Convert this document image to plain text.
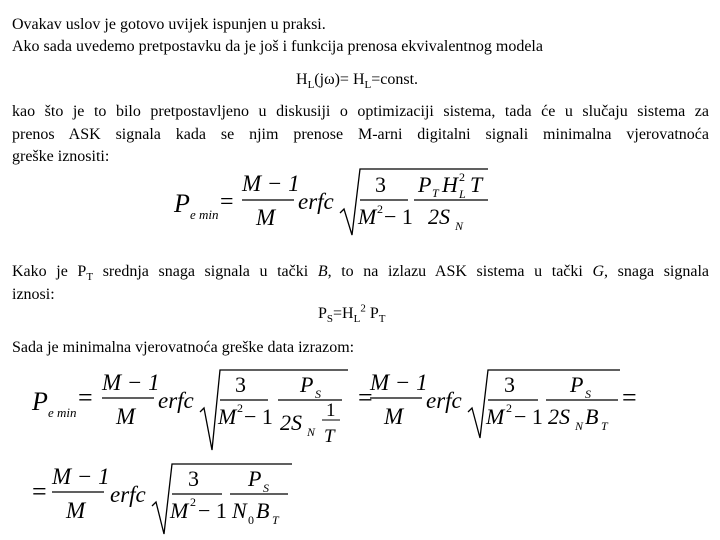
Ovakav uslov je gotovo uvijek ispunjen u praksi.
Ako sada uvedemo pretpostavku da je još i funkcija prenosa ekvivalentnog modela
$H_L(j\omega)=$ $H_L=const$.
kao što je to bilo pretpostavljeno u diskusiji o optimizaciji sistema, tada će u slučaju sistema za
prenos ASK signala kada se njim prenose M-arni digitalni signali minimalna vjerovatnoća
greške iznositi:
P e min =
M − 1
M
erfc
3 P T H L
2 T
M 2 − 1 2S N
Kako je $P_T$ srednja snaga signala u tački B, to na izlazu ASK sistema u tački G, snaga signala
iznosi:
$P_S=H_L^2$ $P_T$
Sada je minimalna vjerovatnoća greške data izrazom:
P e min
=
M − 1
M
erfc
3
M 2 − 1
P S
2S N
1
T
=
M − 1
M
erfc
3
M 2 − 1
P S
2S N B T
=
=
M − 1
M
erfc
3
M 2 − 1
P S
N 0 B T
